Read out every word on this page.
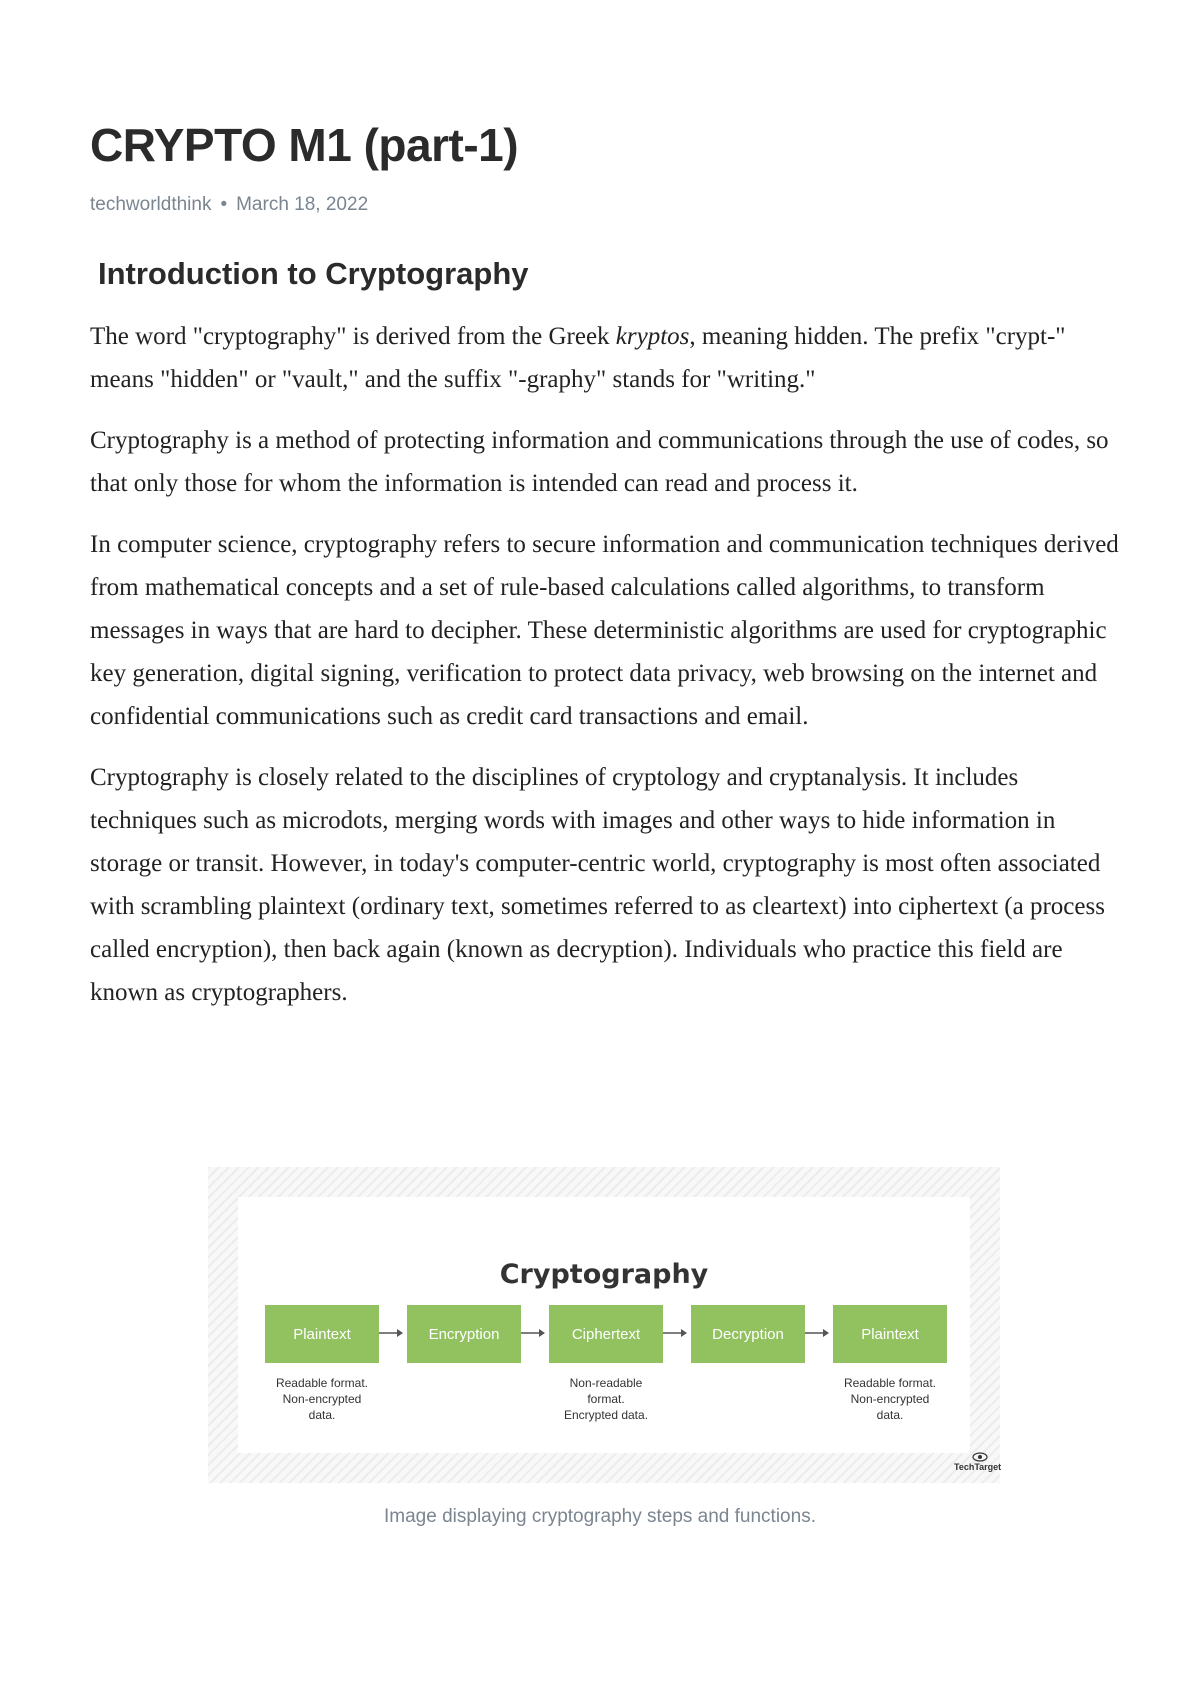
CRYPTO M1 (part-1)
techworldthink • March 18, 2022
Introduction to Cryptography

The word "cryptography" is derived from the Greek kryptos, meaning hidden. The prefix "crypt-" means "hidden" or "vault," and the suffix "-graphy" stands for "writing."

Cryptography is a method of protecting information and communications through the use of codes, so that only those for whom the information is intended can read and process it.

In computer science, cryptography refers to secure information and communication techniques derived from mathematical concepts and a set of rule-based calculations called algorithms, to transform messages in ways that are hard to decipher. These deterministic algorithms are used for cryptographic key generation, digital signing, verification to protect data privacy, web browsing on the internet and confidential communications such as credit card transactions and email.

Cryptography is closely related to the disciplines of cryptology and cryptanalysis. It includes techniques such as microdots, merging words with images and other ways to hide information in storage or transit. However, in today's computer-centric world, cryptography is most often associated with scrambling plaintext (ordinary text, sometimes referred to as cleartext) into ciphertext (a process called encryption), then back again (known as decryption). Individuals who practice this field are known as cryptographers.

Cryptography
Plaintext	Encryption	Ciphertext	Decryption	Plaintext
Readable format.
Non-encrypted
data.
Non-readable
format.
Encrypted data.
Readable format.
Non-encrypted
data.
TechTarget
Image displaying cryptography steps and functions.
